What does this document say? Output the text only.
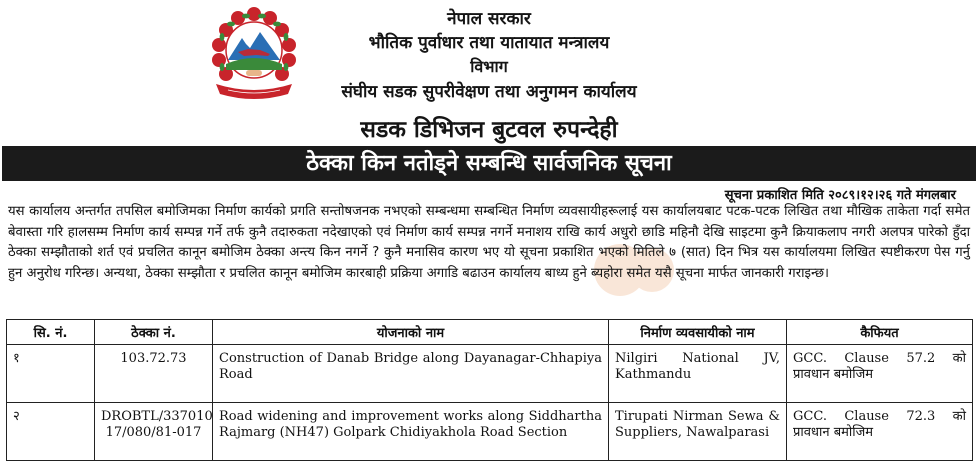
नेपाल सरकार
भौतिक पुर्वाधार तथा यातायात मन्त्रालय
विभाग
संघीय सडक सुपरीवेक्षण तथा अनुगमन कार्यालय
सडक डिभिजन बुटवल रुपन्देही
ठेक्का किन नतोड्ने सम्बन्धि सार्वजनिक सूचना
सूचना प्रकाशित मिति २०८९।१२।२६ गते मंगलबार

यस कार्यालय अन्तर्गत तपसिल बमोजिमका निर्माण कार्यको प्रगति सन्तोषजनक नभएको सम्बन्धमा सम्बन्धित निर्माण व्यवसायीहरूलाई यस कार्यालयबाट पटक-पटक लिखित तथा मौखिक ताकेता गर्दा समेत बेवास्ता गरि हालसम्म निर्माण कार्य सम्पन्न गर्ने तर्फ कुनै तदारुकता नदेखाएको एवं निर्माण कार्य सम्पन्न नगर्ने मनाशय राखि कार्य अधुरो छाडि महिनौ देखि साइटमा कुनै क्रियाकलाप नगरी अलपत्र पारेको हुँदा ठेक्का सम्झौताको शर्त एवं प्रचलित कानून बमोजिम ठेक्का अन्त्य किन नगर्ने ? कुनै मनासिव कारण भए यो सूचना प्रकाशित भएको मितिले ७ (सात) दिन भित्र यस कार्यालयमा लिखित स्पष्टीकरण पेस गर्नु हुन अनुरोध गरिन्छ। अन्यथा, ठेक्का सम्झौता र प्रचलित कानून बमोजिम कारबाही प्रक्रिया अगाडि बढाउन कार्यालय बाध्य हुने ब्यहोरा समेत यसै सूचना मार्फत जानकारी गराइन्छ।

सि. नं.	ठेक्का नं.	योजनाको नाम	निर्माण व्यवसायीको नाम	कैफियत
१	103.72.73	Construction of Danab Bridge along Dayanagar-Chhapiya Road	Nilgiri National JV, Kathmandu	GCC. Clause 57.2 को प्रावधान बमोजिम
२	DROBTL/337010 17/080/81-017	Road widening and improvement works along Siddhartha Rajmarg (NH47) Golpark Chidiyakhola Road Section	Tirupati Nirman Sewa & Suppliers, Nawalparasi	GCC. Clause 72.3 को प्रावधान बमोजिम
